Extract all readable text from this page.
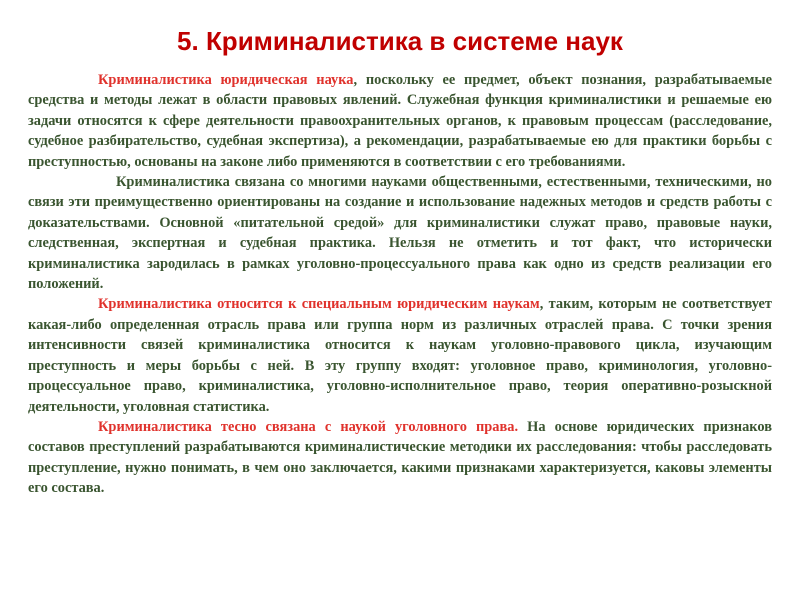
5. Криминалистика в системе наук

Криминалистика юридическая наука, поскольку ее предмет, объект познания, разрабатываемые средства и методы лежат в области правовых явлений. Служебная функция криминалистики и решаемые ею задачи относятся к сфере деятельности правоохранительных органов, к правовым процессам (расследование, судебное разбирательство, судебная экспертиза), а рекомендации, разрабатываемые ею для практики борьбы с преступностью, основаны на законе либо применяются в соответствии с его требованиями.

Криминалистика связана со многими науками общественными, естественными, техническими, но связи эти преимущественно ориентированы на создание и использование надежных методов и средств работы с доказательствами. Основной «питательной средой» для криминалистики служат право, правовые науки, следственная, экспертная и судебная практика. Нельзя не отметить и тот факт, что исторически криминалистика зародилась в рамках уголовно-процессуального права как одно из средств реализации его положений.

Криминалистика относится к специальным юридическим наукам, таким, которым не соответствует какая-либо определенная отрасль права или группа норм из различных отраслей права. С точки зрения интенсивности связей криминалистика относится к наукам уголовно-правового цикла, изучающим преступность и меры борьбы с ней. В эту группу входят: уголовное право, криминология, уголовно-процессуальное право, криминалистика, уголовно-исполнительное право, теория оперативно-розыскной деятельности, уголовная статистика.

Криминалистика тесно связана с наукой уголовного права. На основе юридических признаков составов преступлений разрабатываются криминалистические методики их расследования: чтобы расследовать преступление, нужно понимать, в чем оно заключается, какими признаками характеризуется, каковы элементы его состава.
